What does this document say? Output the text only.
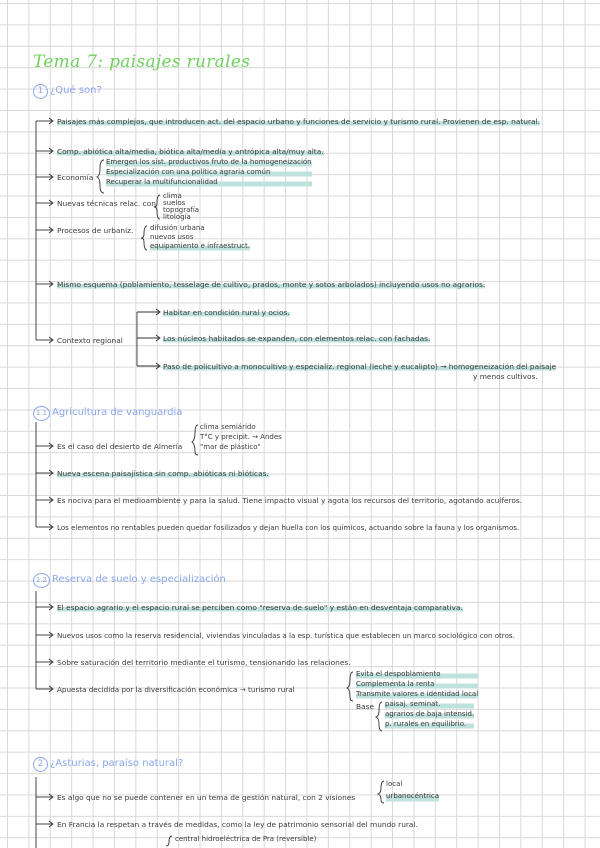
Tema 7: paisajes rurales
1 ¿Qué son?
Paisajes más complejos, que introducen act. del espacio urbano y funciones de servicio y turismo rural. Provienen de esp. natural.
Comp. abiótica alta/media, biótica alta/media y antrópica alta/muy alta.
Economía
Emergen los sist. productivos fruto de la homogeneización
Especialización con una política agraria común
Recuperar la multifuncionalidad
Nuevas técnicas relac. con
clima
suelos
topografía
litología
Procesos de urbaniz. difusión urbana
nuevos usos
equipamiento e infraestruct.
Mismo esquema (poblamiento, tesselage de cultivo, prados, monte y sotos arbolados) incluyendo usos no agrarios.
Contexto regional
Habitar en condición rural y ocios.
Los núcleos habitados se expanden, con elementos relac. con fachadas.
Paso de policultivo a monocultivo y especializ. regional (leche y eucalipto) → homogeneización del paisaje
y menos cultivos.
1.1 Agricultura de vanguardia
Es el caso del desierto de Almería
clima semiárido
T°C y precipit. → Andes
"mar de plástico"
Nueva escena paisajística sin comp. abióticas ni bióticas.
Es nociva para el medioambiente y para la salud. Tiene impacto visual y agota los recursos del territorio, agotando acuíferos.
Los elementos no rentables pueden quedar fosilizados y dejan huella con los químicos, actuando sobre la fauna y los organismos.
1.2 Reserva de suelo y especialización
El espacio agrario y el espacio rural se perciben como "reserva de suelo" y están en desventaja comparativa.
Nuevos usos como la reserva residencial, viviendas vinculadas a la esp. turística que establecen un marco sociológico con otros.
Sobre saturación del territorio mediante el turismo, tensionando las relaciones.
Apuesta decidida por la diversificación económica → turismo rural
Evita el despoblamiento
Complementa la renta
Transmite valores e identidad local
Base paisaj. seminat.
agrarios de baja intensid.
p. rurales en equilibrio.
2 ¿Asturias, paraíso natural?
Es algo que no se puede contener en un tema de gestión natural, con 2 visiones
local
urbanocéntrica
En Francia la respetan a través de medidas, como la ley de patrimonio sensorial del mundo rural.
central hidroeléctrica de Pra (reversible)
